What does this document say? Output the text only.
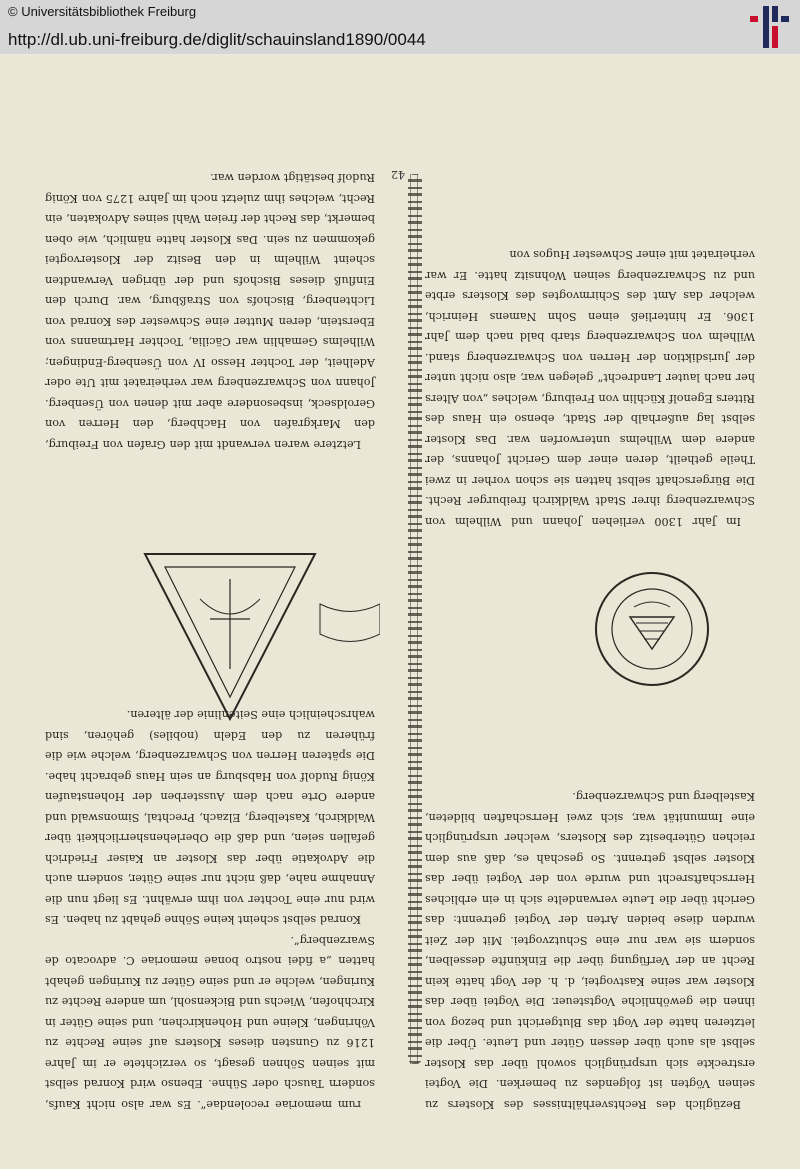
http://dl.ub.uni-freiburg.de/diglit/schauinsland1890/0044
© Universitätsbibliothek Freiburg

rum memoriae recolendae“. Es war also nicht Kaufs, sondern Tausch oder Sühne. Ebenso wird Konrad selbst mit seinen Söhnen gesagt, so verzichtete er im Jahre 1216 zu Gunsten dieses Klosters auf seine Rechte zu Vöhringen, Kleine und Hohenkirchen, und seine Güter in Kirchhofen, Wiechs und Bickensohl, um andere Rechte zu Kuringen, welche er und seine Güter zu Kuringen gehabt hatten „a fidei nostro bonae memoriae C. advocato de Swarzenberg“.

Konrad selbst scheint keine Söhne gehabt zu haben. Es wird nur eine Tochter von ihm erwähnt. Es liegt nun die Annahme nahe, daß nicht nur seine Güter, sondern auch die Advokatie über das Kloster an Kaiser Friedrich gefallen seien, und daß die Oberlehensherrlichkeit über Waldkirch, Kastelberg, Elzach, Prechtal, Simonswald und andere Orte nach dem Aussterben der Hohenstaufen König Rudolf von Habsburg an sein Haus gebracht habe. Die späteren Herren von Schwarzenberg, welche wie die früheren zu den Edeln (nobiles) gehören, sind wahrscheinlich eine Seitenlinie der älteren.

Letztere waren verwandt mit den Grafen von Freiburg, den Markgrafen von Hachberg, den Herren von Geroldseck, insbesondere aber mit denen von Üsenberg. Johann von Schwarzenberg war verheiratet mit Ute oder Adelheit, der Tochter Hesso IV von Üsenberg-Endingen; Wilhelms Gemahlin war Cäcilia, Tochter Hartmanns von Eberstein, deren Mutter eine Schwester des Konrad von Lichtenberg, Bischofs von Straßburg, war. Durch den Einfluß dieses Bischofs und der übrigen Verwandten scheint Wilhelm in den Besitz der Klostervogtei gekommen zu sein. Das Kloster hatte nämlich, wie oben bemerkt, das Recht der freien Wahl seines Advokaten, ein Recht, welches ihm zuletzt noch im Jahre 1275 von König Rudolf bestätigt worden war.

Bezüglich des Rechtsverhältnisses des Klosters zu seinen Vögten ist folgendes zu bemerken. Die Vogtei erstreckte sich ursprünglich sowohl über das Kloster selbst als auch über dessen Güter und Leute. Über die letzteren hatte der Vogt das Blutgericht und bezog von ihnen die gewöhnliche Vogtsteuer. Die Vogtei über das Kloster war seine Kastvogtei, d. h. der Vogt hatte kein Recht an der Verfügung über die Einkünfte desselben, sondern sie war nur eine Schutzvogtei. Mit der Zeit wurden diese beiden Arten der Vogtei getrennt: das Gericht über die Leute verwandelte sich in ein erbliches Herrschaftsrecht und wurde von der Vogtei über das Kloster selbst getrennt. So geschah es, daß aus dem reichen Güterbesitz des Klosters, welcher ursprünglich eine Immunität war, sich zwei Herrschaften bildeten, Kastelberg und Schwarzenberg.

Im Jahr 1300 verliehen Johann und Wilhelm von Schwarzenberg ihrer Stadt Waldkirch freiburger Recht. Die Bürgerschaft selbst hatten sie schon vorher in zwei Theile getheilt, deren einer dem Gericht Johanns, der andere dem Wilhelms unterworfen war. Das Kloster selbst lag außerhalb der Stadt, ebenso ein Haus des Ritters Egenolf Küchlin von Freiburg, welches „von Alters her nach lauter Landrecht“ gelegen war, also nicht unter der Jurisdiktion der Herren von Schwarzenberg stand. Wilhelm von Schwarzenberg starb bald nach dem Jahr 1306. Er hinterließ einen Sohn Namens Heinrich, welcher das Amt des Schirmvogtes des Klosters erbte und zu Schwarzenberg seinen Wohnsitz hatte. Er war verheiratet mit einer Schwester Hugos von

42
